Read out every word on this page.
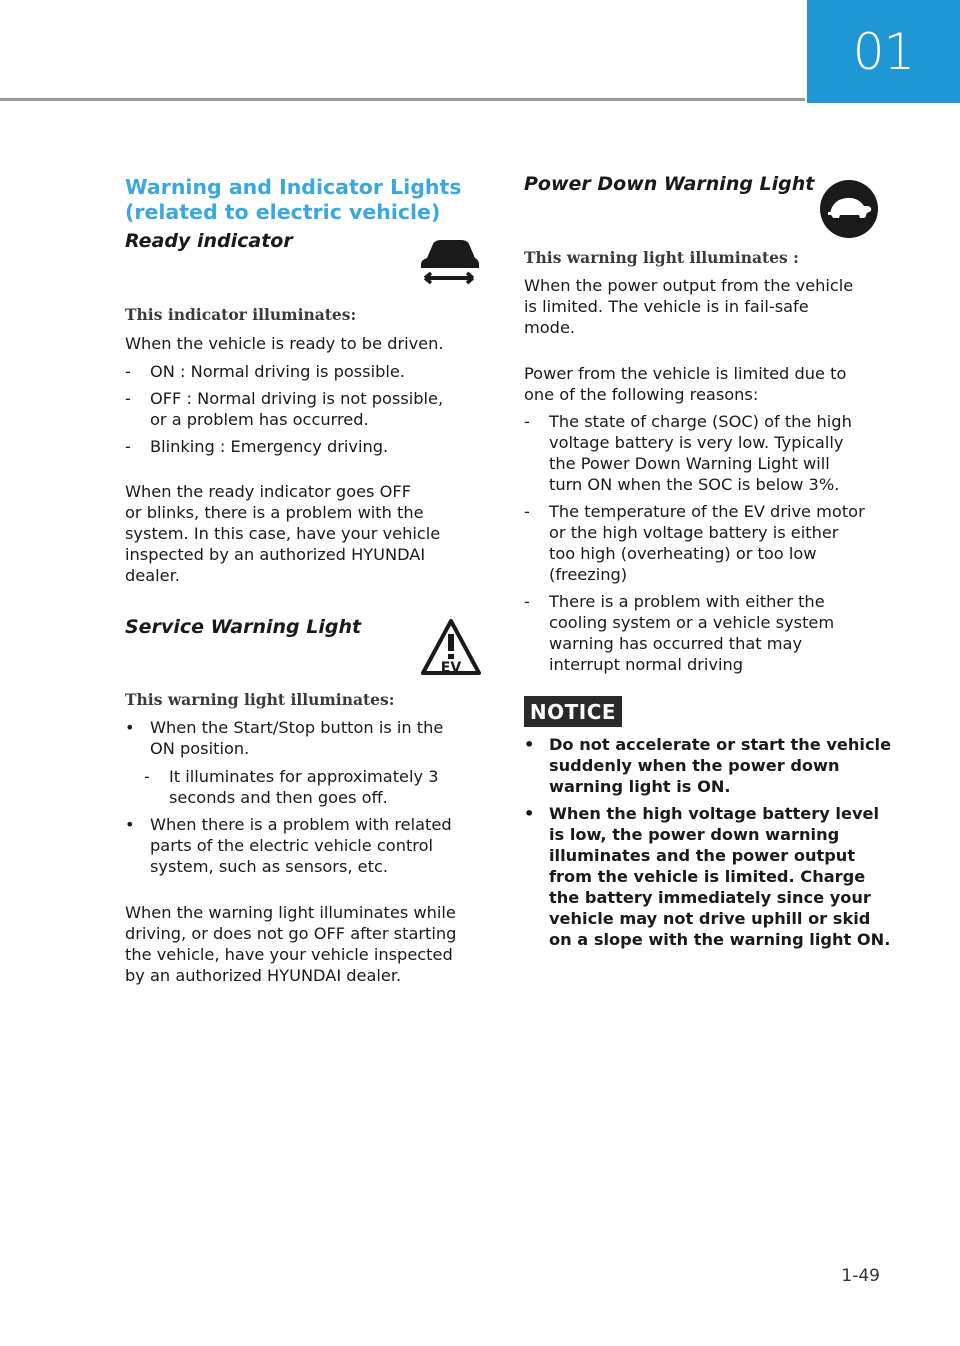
01

Warning and Indicator Lights

(related to electric vehicle)

Ready indicator

This indicator illuminates:

When the vehicle is ready to be driven.

- ON : Normal driving is possible.
- OFF : Normal driving is not possible,
or a problem has occurred.
- Blinking : Emergency driving.

When the ready indicator goes OFF
or blinks, there is a problem with the
system. In this case, have your vehicle
inspected by an authorized HYUNDAI
dealer.

Service Warning Light

EV

This warning light illuminates:

• When the Start/Stop button is in the
ON position.
- It illuminates for approximately 3
seconds and then goes off.
• When there is a problem with related
parts of the electric vehicle control
system, such as sensors, etc.

When the warning light illuminates while
driving, or does not go OFF after starting
the vehicle, have your vehicle inspected
by an authorized HYUNDAI dealer.

Power Down Warning Light

This warning light illuminates :

When the power output from the vehicle
is limited. The vehicle is in fail-safe
mode.

Power from the vehicle is limited due to
one of the following reasons:

- The state of charge (SOC) of the high
voltage battery is very low. Typically
the Power Down Warning Light will
turn ON when the SOC is below 3%.
- The temperature of the EV drive motor
or the high voltage battery is either
too high (overheating) or too low
(freezing)
- There is a problem with either the
cooling system or a vehicle system
warning has occurred that may
interrupt normal driving
NOTICE
• Do not accelerate or start the vehicle
suddenly when the power down
warning light is ON.
• When the high voltage battery level
is low, the power down warning
illuminates and the power output
from the vehicle is limited. Charge
the battery immediately since your
vehicle may not drive uphill or skid
on a slope with the warning light ON.
1-49
